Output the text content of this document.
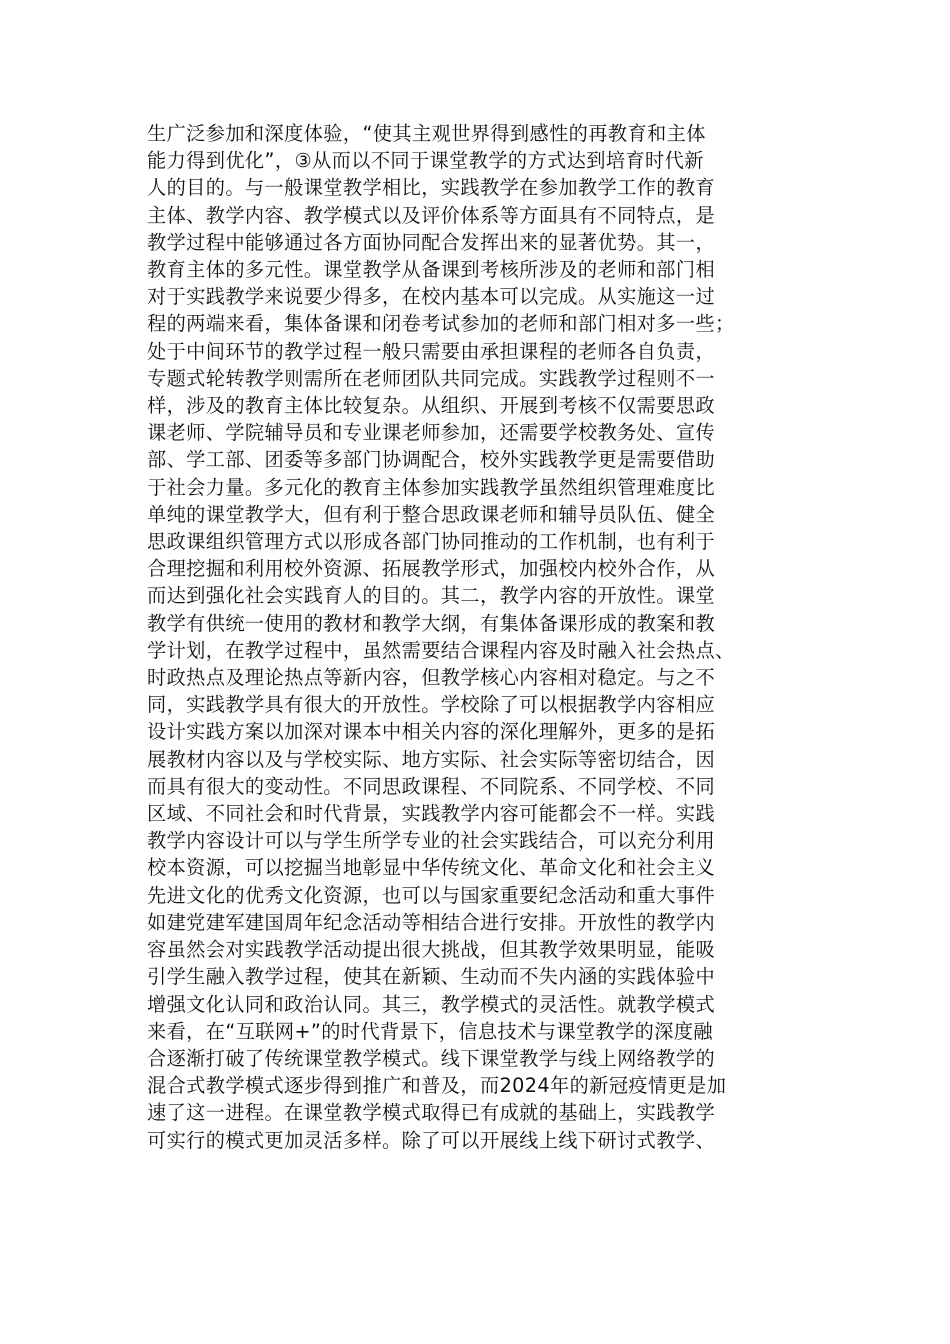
生广泛参加和深度体验，“使其主观世界得到感性的再教育和主体
能力得到优化”，③从而以不同于课堂教学的方式达到培育时代新
人的目的。与一般课堂教学相比，实践教学在参加教学工作的教育
主体、教学内容、教学模式以及评价体系等方面具有不同特点，是
教学过程中能够通过各方面协同配合发挥出来的显著优势。其一，
教育主体的多元性。课堂教学从备课到考核所涉及的老师和部门相
对于实践教学来说要少得多，在校内基本可以完成。从实施这一过
程的两端来看，集体备课和闭卷考试参加的老师和部门相对多一些；
处于中间环节的教学过程一般只需要由承担课程的老师各自负责，
专题式轮转教学则需所在老师团队共同完成。实践教学过程则不一
样，涉及的教育主体比较复杂。从组织、开展到考核不仅需要思政
课老师、学院辅导员和专业课老师参加，还需要学校教务处、宣传
部、学工部、团委等多部门协调配合，校外实践教学更是需要借助
于社会力量。多元化的教育主体参加实践教学虽然组织管理难度比
单纯的课堂教学大，但有利于整合思政课老师和辅导员队伍、健全
思政课组织管理方式以形成各部门协同推动的工作机制，也有利于
合理挖掘和利用校外资源、拓展教学形式，加强校内校外合作，从
而达到强化社会实践育人的目的。其二，教学内容的开放性。课堂
教学有供统一使用的教材和教学大纲，有集体备课形成的教案和教
学计划，在教学过程中，虽然需要结合课程内容及时融入社会热点、
时政热点及理论热点等新内容，但教学核心内容相对稳定。与之不
同，实践教学具有很大的开放性。学校除了可以根据教学内容相应
设计实践方案以加深对课本中相关内容的深化理解外，更多的是拓
展教材内容以及与学校实际、地方实际、社会实际等密切结合，因
而具有很大的变动性。不同思政课程、不同院系、不同学校、不同
区域、不同社会和时代背景，实践教学内容可能都会不一样。实践
教学内容设计可以与学生所学专业的社会实践结合，可以充分利用
校本资源，可以挖掘当地彰显中华传统文化、革命文化和社会主义
先进文化的优秀文化资源，也可以与国家重要纪念活动和重大事件
如建党建军建国周年纪念活动等相结合进行安排。开放性的教学内
容虽然会对实践教学活动提出很大挑战，但其教学效果明显，能吸
引学生融入教学过程，使其在新颖、生动而不失内涵的实践体验中
增强文化认同和政治认同。其三，教学模式的灵活性。就教学模式
来看，在“互联网+”的时代背景下，信息技术与课堂教学的深度融
合逐渐打破了传统课堂教学模式。线下课堂教学与线上网络教学的
混合式教学模式逐步得到推广和普及，而2024年的新冠疫情更是加
速了这一进程。在课堂教学模式取得已有成就的基础上，实践教学
可实行的模式更加灵活多样。除了可以开展线上线下研讨式教学、
